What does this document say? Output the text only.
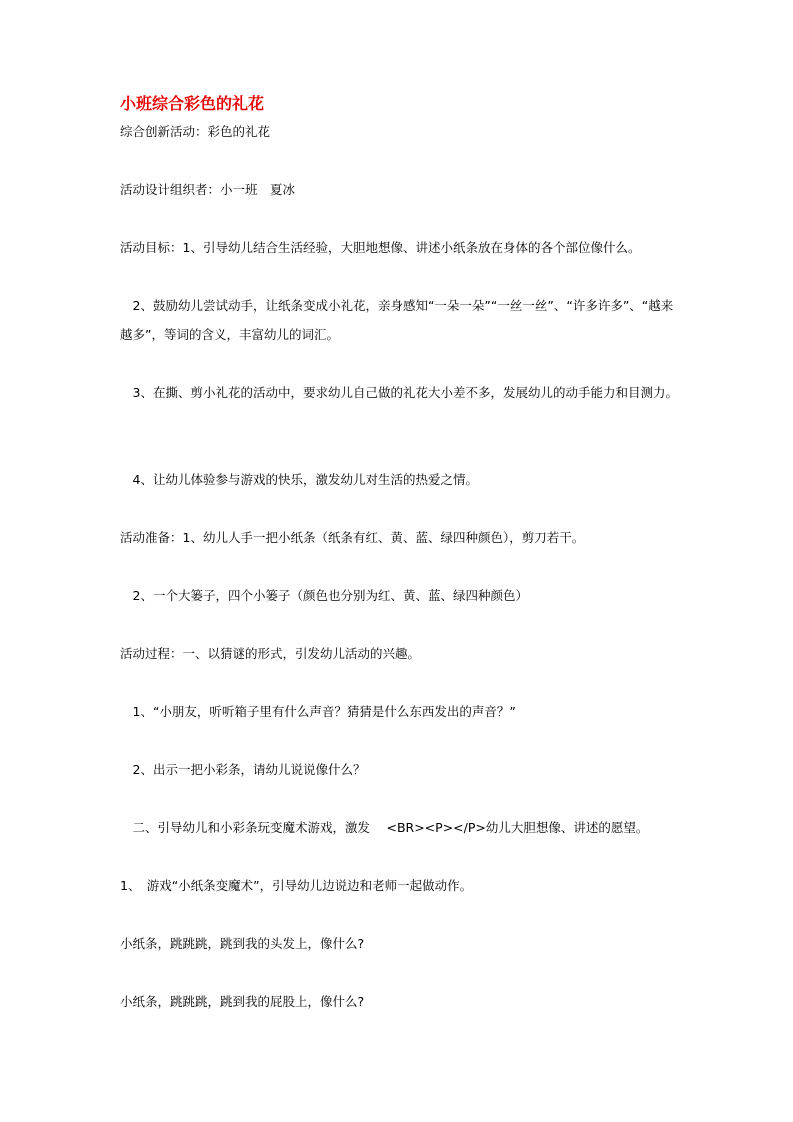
小班综合彩色的礼花
综合创新活动：彩色的礼花
活动设计组织者：小一班　夏冰
活动目标：1、引导幼儿结合生活经验，大胆地想像、讲述小纸条放在身体的各个部位像什么。
　2、鼓励幼儿尝试动手，让纸条变成小礼花，亲身感知“一朵一朵”“一丝一丝”、“许多许多”、“越来越多”，等词的含义，丰富幼儿的词汇。
　3、在撕、剪小礼花的活动中，要求幼儿自己做的礼花大小差不多，发展幼儿的动手能力和目测力。
　4、让幼儿体验参与游戏的快乐，激发幼儿对生活的热爱之情。
活动准备：1、幼儿人手一把小纸条（纸条有红、黄、蓝、绿四种颜色），剪刀若干。
　2、一个大篓子，四个小篓子（颜色也分别为红、黄、蓝、绿四种颜色）
活动过程：一、以猜谜的形式，引发幼儿活动的兴趣。
　1、“小朋友，听听箱子里有什么声音？猜猜是什么东西发出的声音？”
　2、出示一把小彩条，请幼儿说说像什么？
　二、引导幼儿和小彩条玩变魔术游戏，激发　 <BR><P></P>幼儿大胆想像、讲述的愿望。
1、　游戏“小纸条变魔术”，引导幼儿边说边和老师一起做动作。
小纸条，跳跳跳，跳到我的头发上，像什么?
小纸条，跳跳跳，跳到我的屁股上，像什么?
